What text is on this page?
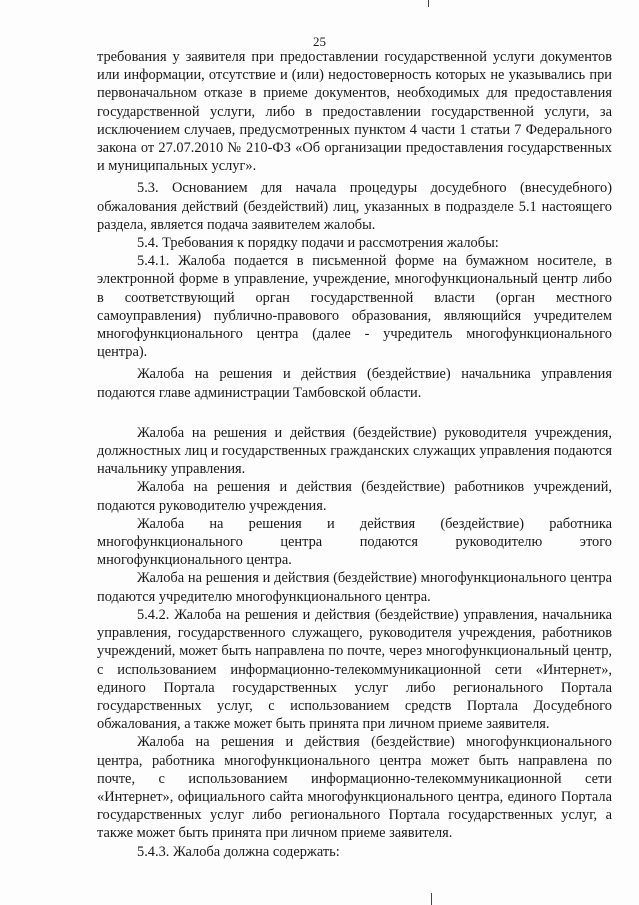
25

требования у заявителя при предоставлении государственной услуги документов или информации, отсутствие и (или) недостоверность которых не указывались при первоначальном отказе в приеме документов, необходимых для предоставления государственной услуги, либо в предоставлении государственной услуги, за исключением случаев, предусмотренных пунктом 4 части 1 статьи 7 Федерального закона от 27.07.2010 № 210-ФЗ «Об организации предоставления государственных и муниципальных услуг».

5.3. Основанием для начала процедуры досудебного (внесудебного) обжалования действий (бездействий) лиц, указанных в подразделе 5.1 настоящего раздела, является подача заявителем жалобы.

5.4. Требования к порядку подачи и рассмотрения жалобы:

5.4.1. Жалоба подается в письменной форме на бумажном носителе, в электронной форме в управление, учреждение, многофункциональный центр либо в соответствующий орган государственной власти (орган местного самоуправления) публично-правового образования, являющийся учредителем многофункционального центра (далее - учредитель многофункционального центра).

Жалоба на решения и действия (бездействие) начальника управления подаются главе администрации Тамбовской области.

Жалоба на решения и действия (бездействие) руководителя учреждения, должностных лиц и государственных гражданских служащих управления подаются начальнику управления.

Жалоба на решения и действия (бездействие) работников учреждений, подаются руководителю учреждения.

Жалоба на решения и действия (бездействие) работника многофункционального центра подаются руководителю этого многофункционального центра.

Жалоба на решения и действия (бездействие) многофункционального центра подаются учредителю многофункционального центра.

5.4.2. Жалоба на решения и действия (бездействие) управления, начальника управления, государственного служащего, руководителя учреждения, работников учреждений, может быть направлена по почте, через многофункциональный центр, с использованием информационно-телекоммуникационной сети «Интернет», единого Портала государственных услуг либо регионального Портала государственных услуг, с использованием средств Портала Досудебного обжалования, а также может быть принята при личном приеме заявителя.

Жалоба на решения и действия (бездействие) многофункционального центра, работника многофункционального центра может быть направлена по почте, с использованием информационно-телекоммуникационной сети «Интернет», официального сайта многофункционального центра, единого Портала государственных услуг либо регионального Портала государственных услуг, а также может быть принята при личном приеме заявителя.

5.4.3. Жалоба должна содержать:
